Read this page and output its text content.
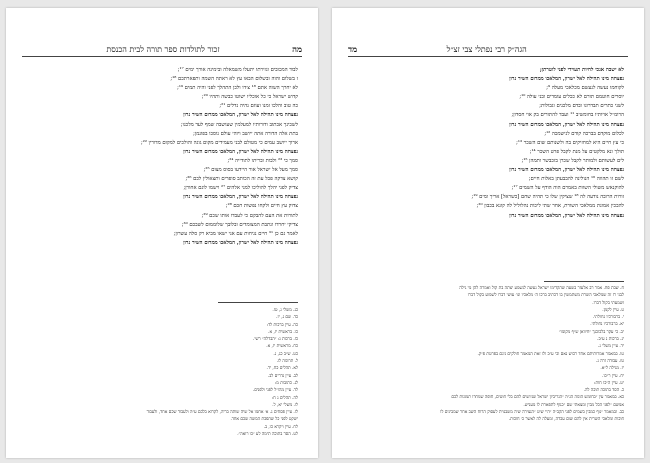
מה
זכור לתולדות ספר תורה לבית הכנסת
לבוד המכובים וגזירתו יתעלו משמאלה ובימינה אורך ימים ¹⁷;
ז בשלום והוה ובשלום הבאו עץ לא ראתה השמה ותפארתכם ¹⁸;
לא יחרך השוה אתם ¹⁸ צ׳דו ולכן התהלך לפני והיה תמים ¹⁹;
קדוש ישראל כי כל אוכליו ישוטו כבשה ותהיו ²⁰;
כה טוב והלכו זמנו ועוזם נהיה נדלים ²¹;
נפצחה מינו תהילה לאל ישרון, המלאכו ממרום השיר נרון
לשכינך אכתוב ודורותיו למעלמין שעושבה שמף לעד מלכנו;
בתת אלה הדורה אתה ייושב ויוהי עולם נוסכו בפונמן;
ארוך ייושב עמים כי מטולם לבני מעמידים מקום גוגה והולכים למקום מדורין ²²;
נפצחה מינו תהילה לאל ישרון, המלאכו ממרום השיר נרון
סמך כי ²³ ולבות ובריתו לתודייה ²⁴;
סמך מעל אל ישראל אור היידעו בסוס מצום ²⁵;
קושא צדקה פכל עת זה הכותב סופרים ותצאולין לכם ²⁶;
צדיק לפני יהלך להוליכו למני אלהים ²⁷ וישמו לוגם אחורן;
נפצחה מינו תהילה לאל ישרון, המלאכו ממרום השיר נרון
צדוק עץ חיים ולקחו נפשות חכם ²⁸;
לתורות את העם להבקם כי לעבדו אותו שכם ²⁹;
צדיקי יחרדו ונתבת המצומדים ובלובך שלוממום לשבכם ³⁰;
לאמר גם כן ³¹ חיים נגיחות עם אני ישאו מביא רק סלה עשרון;
נפצחה מינו תהילה לאל ישרון, המלאכו ממרום השיר נרון
כג. משלי ג, טז.
כד. שם ג, יז.
כה. עיין ברכות לד:
כו. בראשית יז, א.
כז. ברכות נ: ״הבדלה״ רשי.
כח. מראשית יז, א.
כט. ש״ב כג, ג.
ל. תרומה לו.
לא. תהלים כח, יד.
לב. עיין נדרים לב.
לג. כתובות מ:
לד. עיין מהו״ל לפני ולפנים.
לה. תהלים ג ח:
לו. משלי יא, ל.
לז. עיין פסחים נ. א׳ אחמו אל שיה שותה בריה, לקרוא בלכם ע״ה ולעבוד שכם אחד, ולעבוד
ישקט לפני כל שהפכת המשה שכם אחד.
לח. עיין ויקרא כו, ב.
לט. הסד בתוכה תימה לע ״כו רואה״.
הגה״ק רבי נפתלי צבי זצ״ל
מד
לא ישבה אנכי לחיות תעוידי לפני לוטרתן;
נפצחה מינו תהילה לאל ישרון, המלאכו ממרום השיר נרון
לקוחמו נעשה לנעשם מכלאכי מעלה ⁹;
יוסרים חוטמם תורם לא ככלים עומדים ובני עולה ¹⁰;
לשני כתרים תבדרונו ובדם מלכנים וגבולות;
הרומ״ל אויותיו בחומשיב ¹¹ ועבד להתורים בק אוי חסדון;
נפצחה מינו תהילה לאל ישרון, המלאכו ממרום השיר נרון
לכלום מוקדם בברכה קודם לנישמכה ¹²;
כי עץ חיים היא למחזיקים בה ולשנותם שום השכר ¹³;
תולך ונא מלקטים על מנת לקבל פרט השכר ¹⁴;
לים לעשותם ולמותר לקבל שכרן בזכבשר ותמהן ¹⁵;
נפצחה מינו תהילה לאל ישרון, המלאכו ממרום השיר נרון
לשם זו תהווה ¹⁶ הנולינה להבבעתן באלות חיים;
להוקנאש משולי השוות באמרם הוה הודף על השמים ¹⁷;
זורות הרובה נודעה לה ¹⁸ שציקין שלו כי תהיה שחם [כשראל] אריך ומים ¹⁹;
להבכין אמונת ממלאכי השורת, אחר שתי ליכות נהלוליל לה קונא בכבון ²⁰;
נפצחה מינו תהילה לאל ישרון, המלאכו ממרום השיר נרון
ח. שבת פח. אמר רב אלעזר בשעה שהקדימו ישראל נעשה לנשמע יצתה בת קול ואמרה להן מי גילה
לבני רז זה שמלאכי השרת משתמשין בו דכתיב ברכו ה׳ מלאכיו וגו׳ עושי דברו לשמוע בקול דברו
ושמעתי בקול דברו.
ט. עיין לקמן.
י. ברבורכיו נחולתי.
יא. ברבורכיו נחולתי.
יב. כי עקר בלכוכנך ״חיוואן ש״ף מקומו״
יג. ברכות נ ע״ב.
יד. עיין משלי ג.
טו. במאמר אמרותיתם אחד רכוש נאם וכי ע״ב ולו זאת המאמר חולקים ניגם בפרטת פ״ק.
טז. עבודה זרה ג.
יז. מגילה ל״א.
יח. עיין ר״כו.
יט. עיין ה״כו חות:
כ. הסד בתוכה תוכה לה.
כא. במאמר עין ״בחומש הומה הג״ה ״הנריביון ישראל שניושים להם בלי חוטים, חופה שנוחרו תמונות לכם
אנושם ״לפני הכל מבין ומצאתי שם ״כגוף לתפארת לו מעניש.
כב. ובמאמר ״גוף כמבין בשמים לפני הקב״ה ״היי שיט ״הנצירה שיה משבנוית לעסוק הרוח השב אחר שמבינים לו
חוכות ומלאכי השרית אין להם שום עכדה, ומעלה לה לאשר כ׳ חוכות.
